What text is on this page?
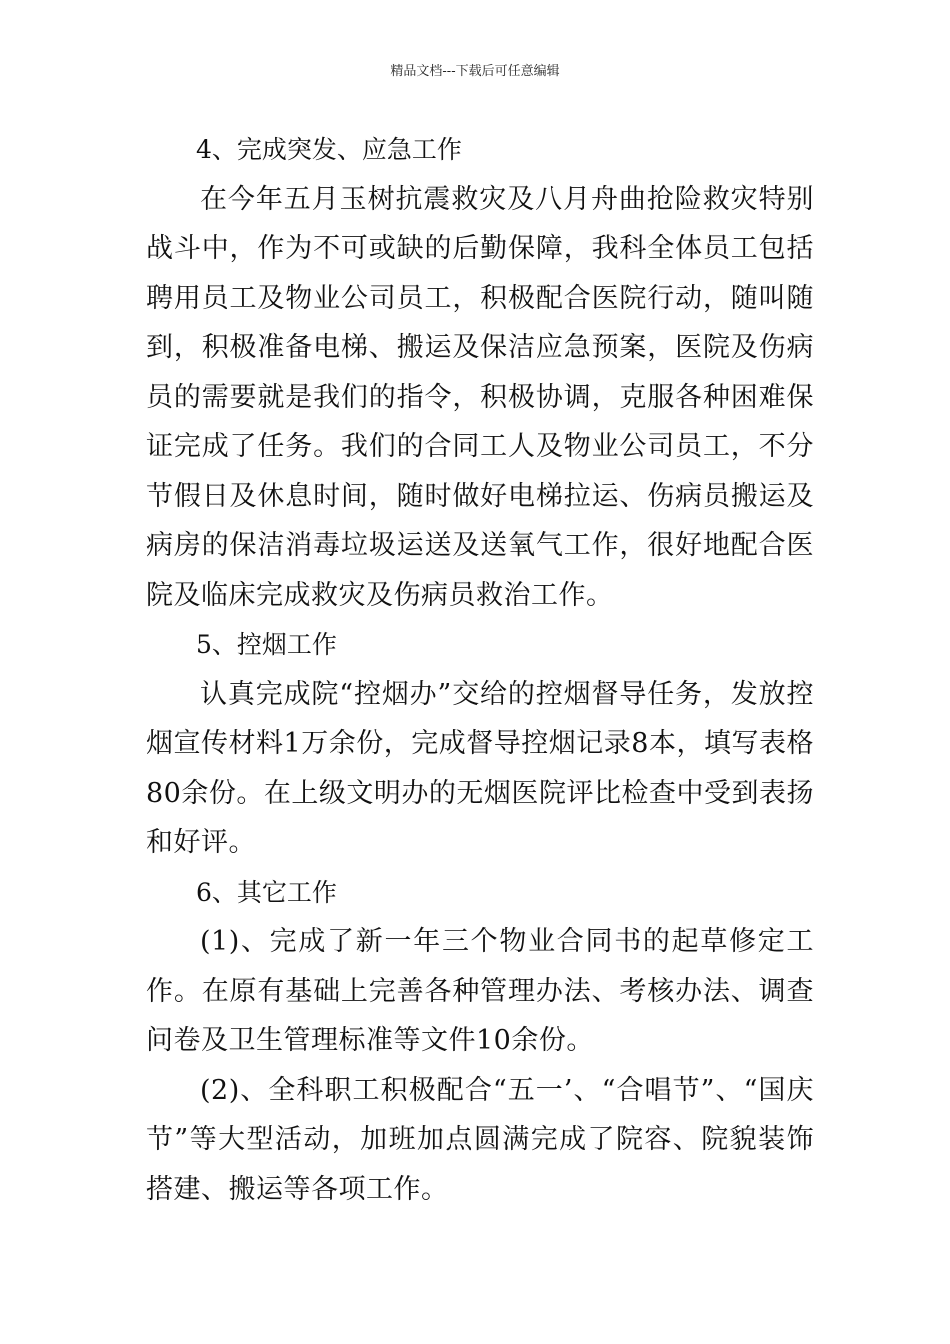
精品文档---下载后可任意编辑

4、完成突发、应急工作

在今年五月玉树抗震救灾及八月舟曲抢险救灾特别战斗中，作为不可或缺的后勤保障，我科全体员工包括聘用员工及物业公司员工，积极配合医院行动，随叫随到，积极准备电梯、搬运及保洁应急预案，医院及伤病员的需要就是我们的指令，积极协调，克服各种困难保证完成了任务。我们的合同工人及物业公司员工，不分节假日及休息时间，随时做好电梯拉运、伤病员搬运及病房的保洁消毒垃圾运送及送氧气工作，很好地配合医院及临床完成救灾及伤病员救治工作。

5、控烟工作

认真完成院“控烟办”交给的控烟督导任务，发放控烟宣传材料1万余份，完成督导控烟记录8本，填写表格80余份。在上级文明办的无烟医院评比检查中受到表扬和好评。

6、其它工作

(1)、完成了新一年三个物业合同书的起草修定工作。在原有基础上完善各种管理办法、考核办法、调查问卷及卫生管理标准等文件10余份。

(2)、全科职工积极配合“五一’、“合唱节”、“国庆节”等大型活动，加班加点圆满完成了院容、院貌装饰搭建、搬运等各项工作。
